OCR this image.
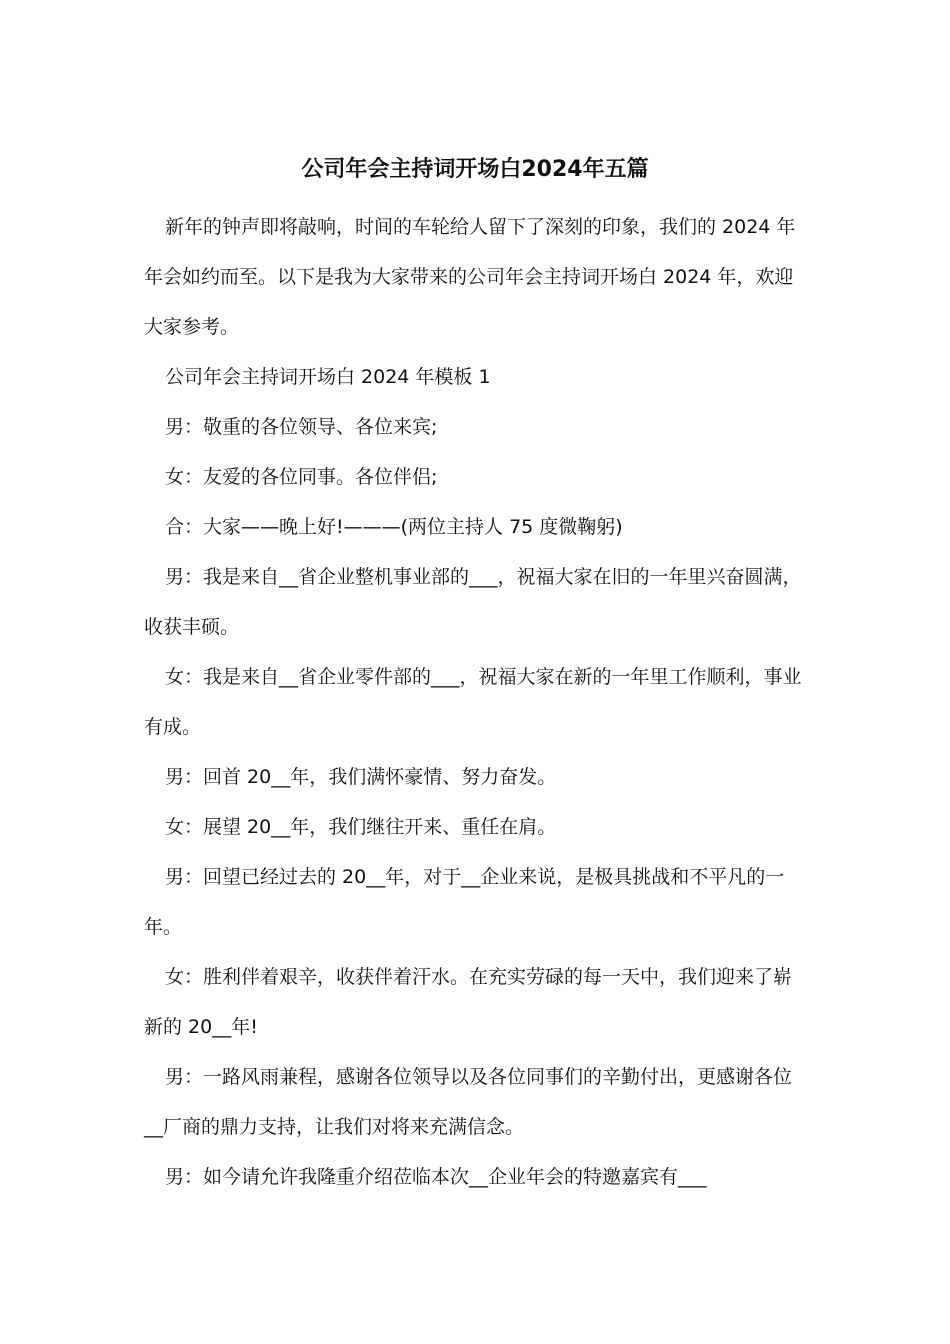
公司年会主持词开场白2024年五篇

新年的钟声即将敲响，时间的车轮给人留下了深刻的印象，我们的 2024 年年会如约而至。以下是我为大家带来的公司年会主持词开场白 2024 年，欢迎大家参考。

公司年会主持词开场白 2024 年模板 1

男：敬重的各位领导、各位来宾;

女：友爱的各位同事。各位伴侣;

合：大家——晚上好!———(两位主持人 75 度微鞠躬)

男：我是来自__省企业整机事业部的___，祝福大家在旧的一年里兴奋圆满，收获丰硕。

女：我是来自__省企业零件部的___，祝福大家在新的一年里工作顺利，事业有成。

男：回首 20__年，我们满怀豪情、努力奋发。

女：展望 20__年，我们继往开来、重任在肩。

男：回望已经过去的 20__年，对于__企业来说，是极具挑战和不平凡的一年。

女：胜利伴着艰辛，收获伴着汗水。在充实劳碌的每一天中，我们迎来了崭新的 20__年!

男：一路风雨兼程，感谢各位领导以及各位同事们的辛勤付出，更感谢各位__厂商的鼎力支持，让我们对将来充满信念。

男：如今请允许我隆重介绍莅临本次__企业年会的特邀嘉宾有___
